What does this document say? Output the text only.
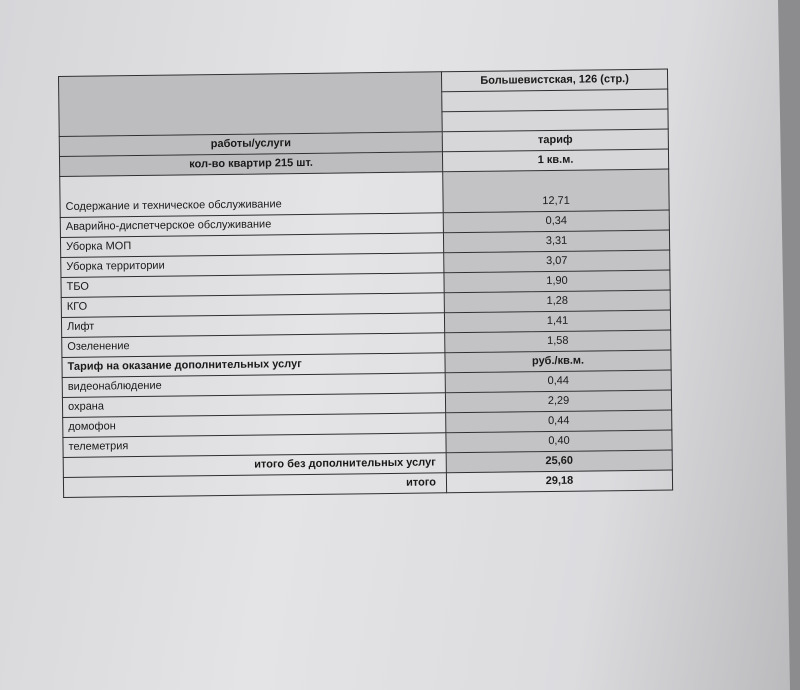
	Большевистская, 126 (стр.)

работы/услуги	тариф
кол-во квартир 215 шт.	1 кв.м.
Содержание и техническое обслуживание	12,71
Аварийно-диспетчерское обслуживание	0,34
Уборка МОП	3,31
Уборка территории	3,07
ТБО	1,90
КГО	1,28
Лифт	1,41
Озеленение	1,58
Тариф на оказание дополнительных услуг	руб./кв.м.
видеонаблюдение	0,44
охрана	2,29
домофон	0,44
телеметрия	0,40
итого без дополнительных услуг	25,60
итого	29,18
